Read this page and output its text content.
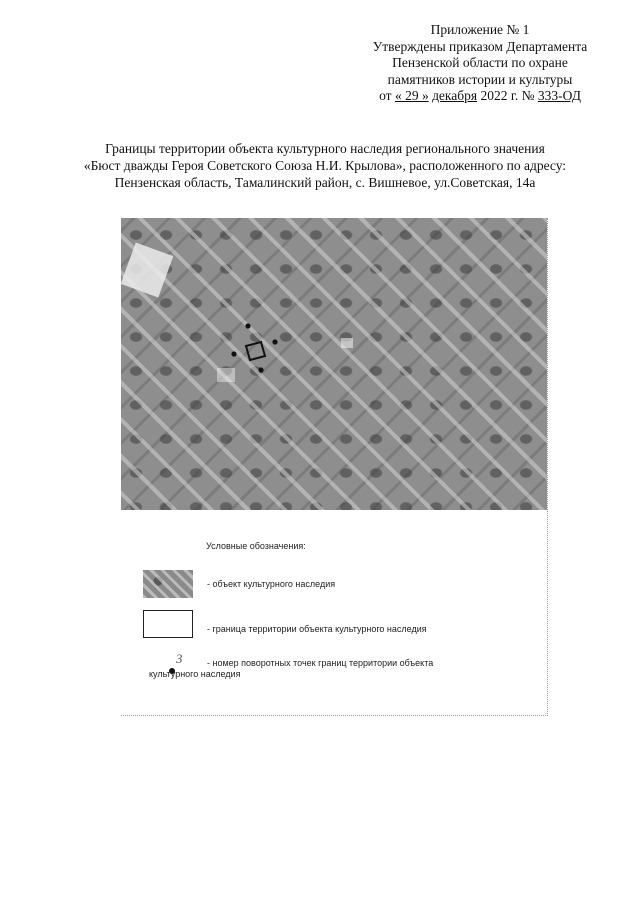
Приложение № 1
Утверждены приказом Департамента
Пензенской области по охране
памятников истории и культуры
от « 29 » декабря 2022 г. № 333-ОД
Границы территории объекта культурного наследия регионального значения
«Бюст дважды Героя Советского Союза Н.И. Крылова», расположенного по адресу:
Пензенская область, Тамалинский район, с. Вишневое, ул.Советская, 14а
Условные обозначения:
- объект культурного наследия
- граница территории объекта культурного наследия
3	- номер поворотных точек границ территории объекта
культурного наследия
